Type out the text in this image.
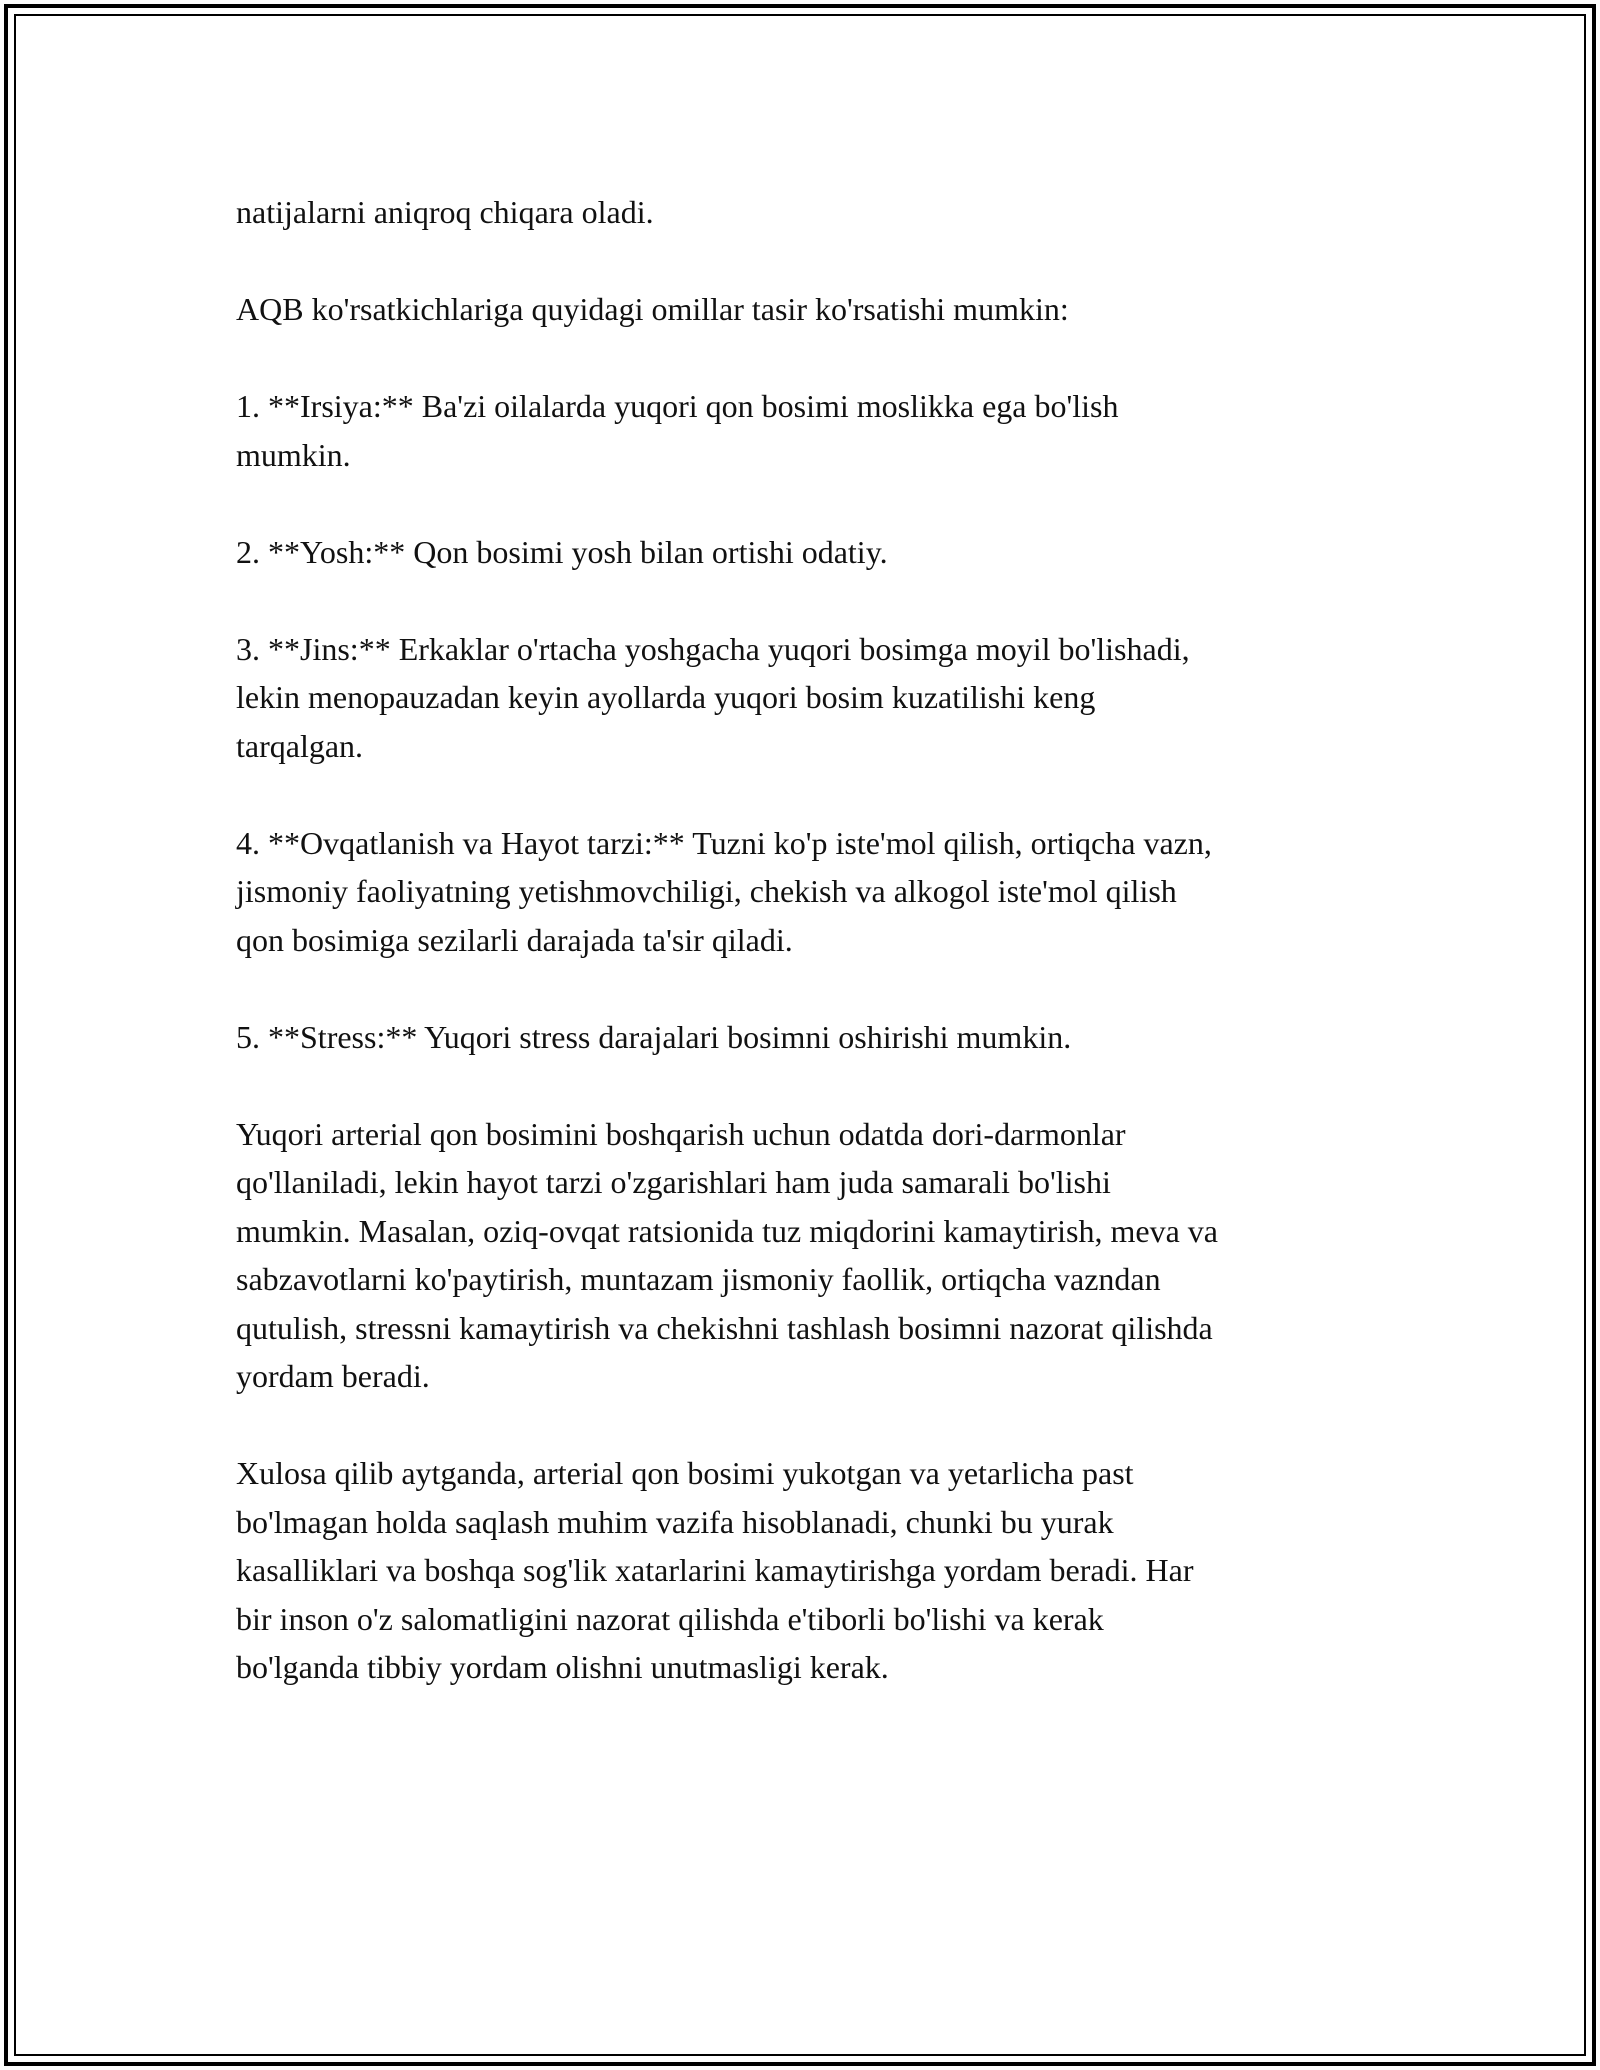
natijalarni aniqroq chiqara oladi.

AQB ko'rsatkichlariga quyidagi omillar tasir ko'rsatishi mumkin:

1. **Irsiya:** Ba'zi oilalarda yuqori qon bosimi moslikka ega bo'lish
mumkin.

2. **Yosh:** Qon bosimi yosh bilan ortishi odatiy.

3. **Jins:** Erkaklar o'rtacha yoshgacha yuqori bosimga moyil bo'lishadi,
lekin menopauzadan keyin ayollarda yuqori bosim kuzatilishi keng
tarqalgan.

4. **Ovqatlanish va Hayot tarzi:** Tuzni ko'p iste'mol qilish, ortiqcha vazn,
jismoniy faoliyatning yetishmovchiligi, chekish va alkogol iste'mol qilish
qon bosimiga sezilarli darajada ta'sir qiladi.

5. **Stress:** Yuqori stress darajalari bosimni oshirishi mumkin.

Yuqori arterial qon bosimini boshqarish uchun odatda dori-darmonlar
qo'llaniladi, lekin hayot tarzi o'zgarishlari ham juda samarali bo'lishi
mumkin. Masalan, oziq-ovqat ratsionida tuz miqdorini kamaytirish, meva va
sabzavotlarni ko'paytirish, muntazam jismoniy faollik, ortiqcha vazndan
qutulish, stressni kamaytirish va chekishni tashlash bosimni nazorat qilishda
yordam beradi.

Xulosa qilib aytganda, arterial qon bosimi yukotgan va yetarlicha past
bo'lmagan holda saqlash muhim vazifa hisoblanadi, chunki bu yurak
kasalliklari va boshqa sog'lik xatarlarini kamaytirishga yordam beradi. Har
bir inson o'z salomatligini nazorat qilishda e'tiborli bo'lishi va kerak
bo'lganda tibbiy yordam olishni unutmasligi kerak.
